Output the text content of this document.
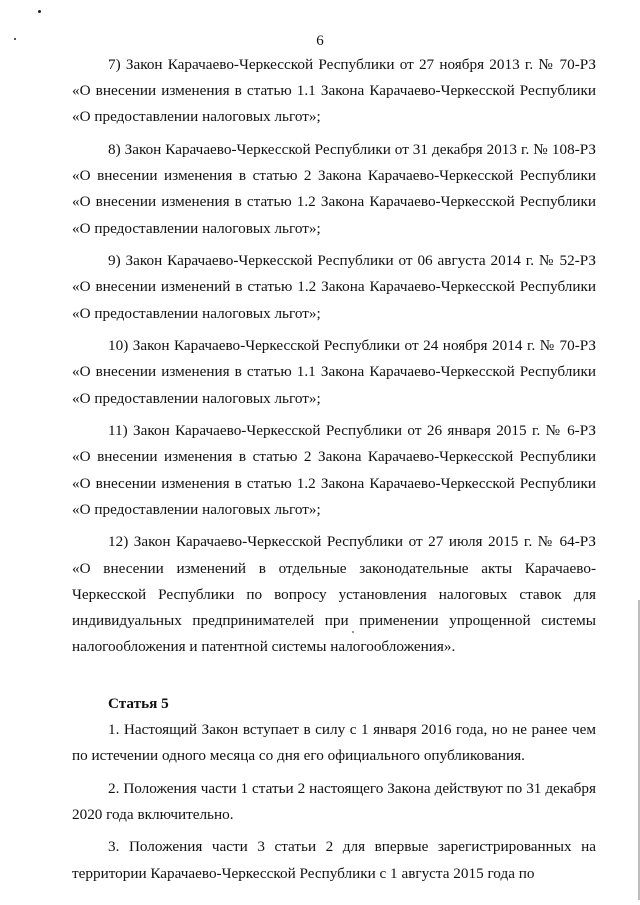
6

7) Закон Карачаево-Черкесской Республики от 27 ноября 2013 г. № 70-РЗ «О внесении изменения в статью 1.1 Закона Карачаево-Черкесской Республики «О предоставлении налоговых льгот»;

8) Закон Карачаево-Черкесской Республики от 31 декабря 2013 г. № 108-РЗ «О внесении изменения в статью 2 Закона Карачаево-Черкесской Республики «О внесении изменения в статью 1.2 Закона Карачаево-Черкесской Республики «О предоставлении налоговых льгот»;

9) Закон Карачаево-Черкесской Республики от 06 августа 2014 г. № 52-РЗ «О внесении изменений в статью 1.2 Закона Карачаево-Черкесской Республики «О предоставлении налоговых льгот»;

10) Закон Карачаево-Черкесской Республики от 24 ноября 2014 г. № 70-РЗ «О внесении изменения в статью 1.1 Закона Карачаево-Черкесской Республики «О предоставлении налоговых льгот»;

11) Закон Карачаево-Черкесской Республики от 26 января 2015 г. № 6-РЗ «О внесении изменения в статью 2 Закона Карачаево-Черкесской Республики «О внесении изменения в статью 1.2 Закона Карачаево-Черкесской Республики «О предоставлении налоговых льгот»;

12) Закон Карачаево-Черкесской Республики от 27 июля 2015 г. № 64-РЗ «О внесении изменений в отдельные законодательные акты Карачаево-Черкесской Республики по вопросу установления налоговых ставок для индивидуальных предпринимателей при применении упрощенной системы налогообложения и патентной системы налогообложения».

Статья 5

1. Настоящий Закон вступает в силу с 1 января 2016 года, но не ранее чем по истечении одного месяца со дня его официального опубликования.

2. Положения части 1 статьи 2 настоящего Закона действуют по 31 декабря 2020 года включительно.

3. Положения части 3 статьи 2 для впервые зарегистрированных на территории Карачаево-Черкесской Республики с 1 августа 2015 года по
